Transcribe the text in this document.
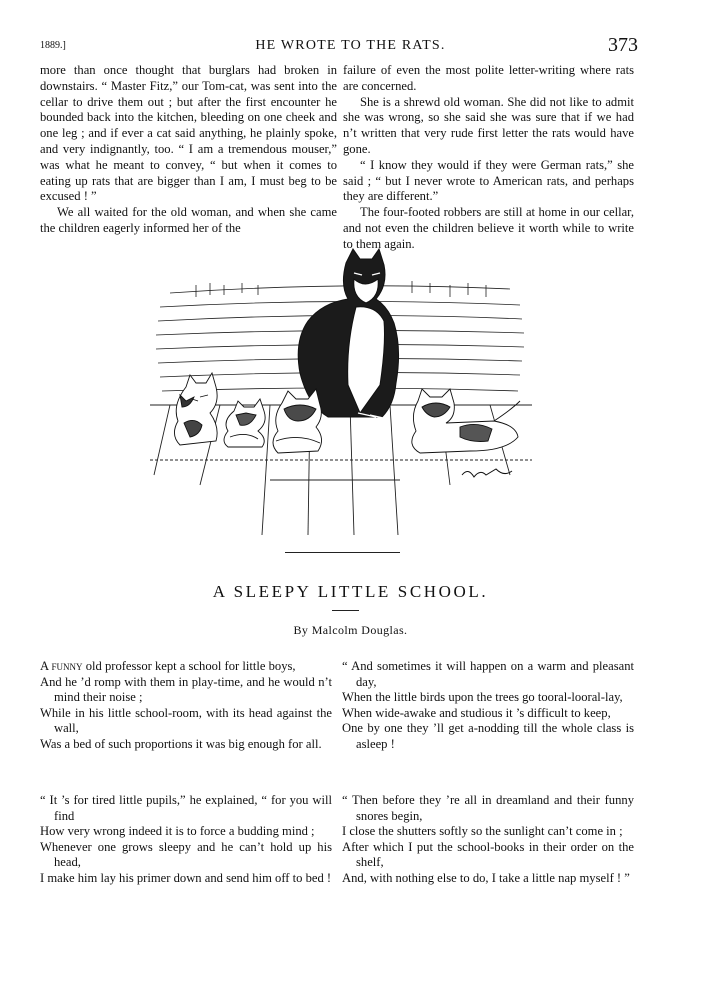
1889.]	HE WROTE TO THE RATS.	373

more than once thought that burglars had broken in downstairs. “ Master Fitz,” our Tom-cat, was sent into the cellar to drive them out ; but after the first encounter he bounded back into the kitchen, bleeding on one cheek and one leg ; and if ever a cat said anything, he plainly spoke, and very indignantly, too. “ I am a tremendous mouser,” was what he meant to convey, “ but when it comes to eating up rats that are bigger than I am, I must beg to be excused ! ”

We all waited for the old woman, and when she came the children eagerly informed her of the

failure of even the most polite letter-writing where rats are concerned.

She is a shrewd old woman. She did not like to admit she was wrong, so she said she was sure that if we had n’t written that very rude first letter the rats would have gone.

“ I know they would if they were German rats,” she said ; “ but I never wrote to American rats, and perhaps they are different.”

The four-footed robbers are still at home in our cellar, and not even the children believe it worth while to write to them again.

A SLEEPY LITTLE SCHOOL.
By Malcolm Douglas.

A funny old professor kept a school for little boys,

And he ’d romp with them in play-time, and he would n’t mind their noise ;

While in his little school-room, with its head against the wall,

Was a bed of such proportions it was big enough for all.

“ And sometimes it will happen on a warm and pleasant day,

When the little birds upon the trees go tooral-looral-lay,

When wide-awake and studious it ’s difficult to keep,

One by one they ’ll get a-nodding till the whole class is asleep !

“ It ’s for tired little pupils,” he explained, “ for you will find

How very wrong indeed it is to force a budding mind ;

Whenever one grows sleepy and he can’t hold up his head,

I make him lay his primer down and send him off to bed !

“ Then before they ’re all in dreamland and their funny snores begin,

I close the shutters softly so the sunlight can’t come in ;

After which I put the school-books in their order on the shelf,

And, with nothing else to do, I take a little nap myself ! ”
